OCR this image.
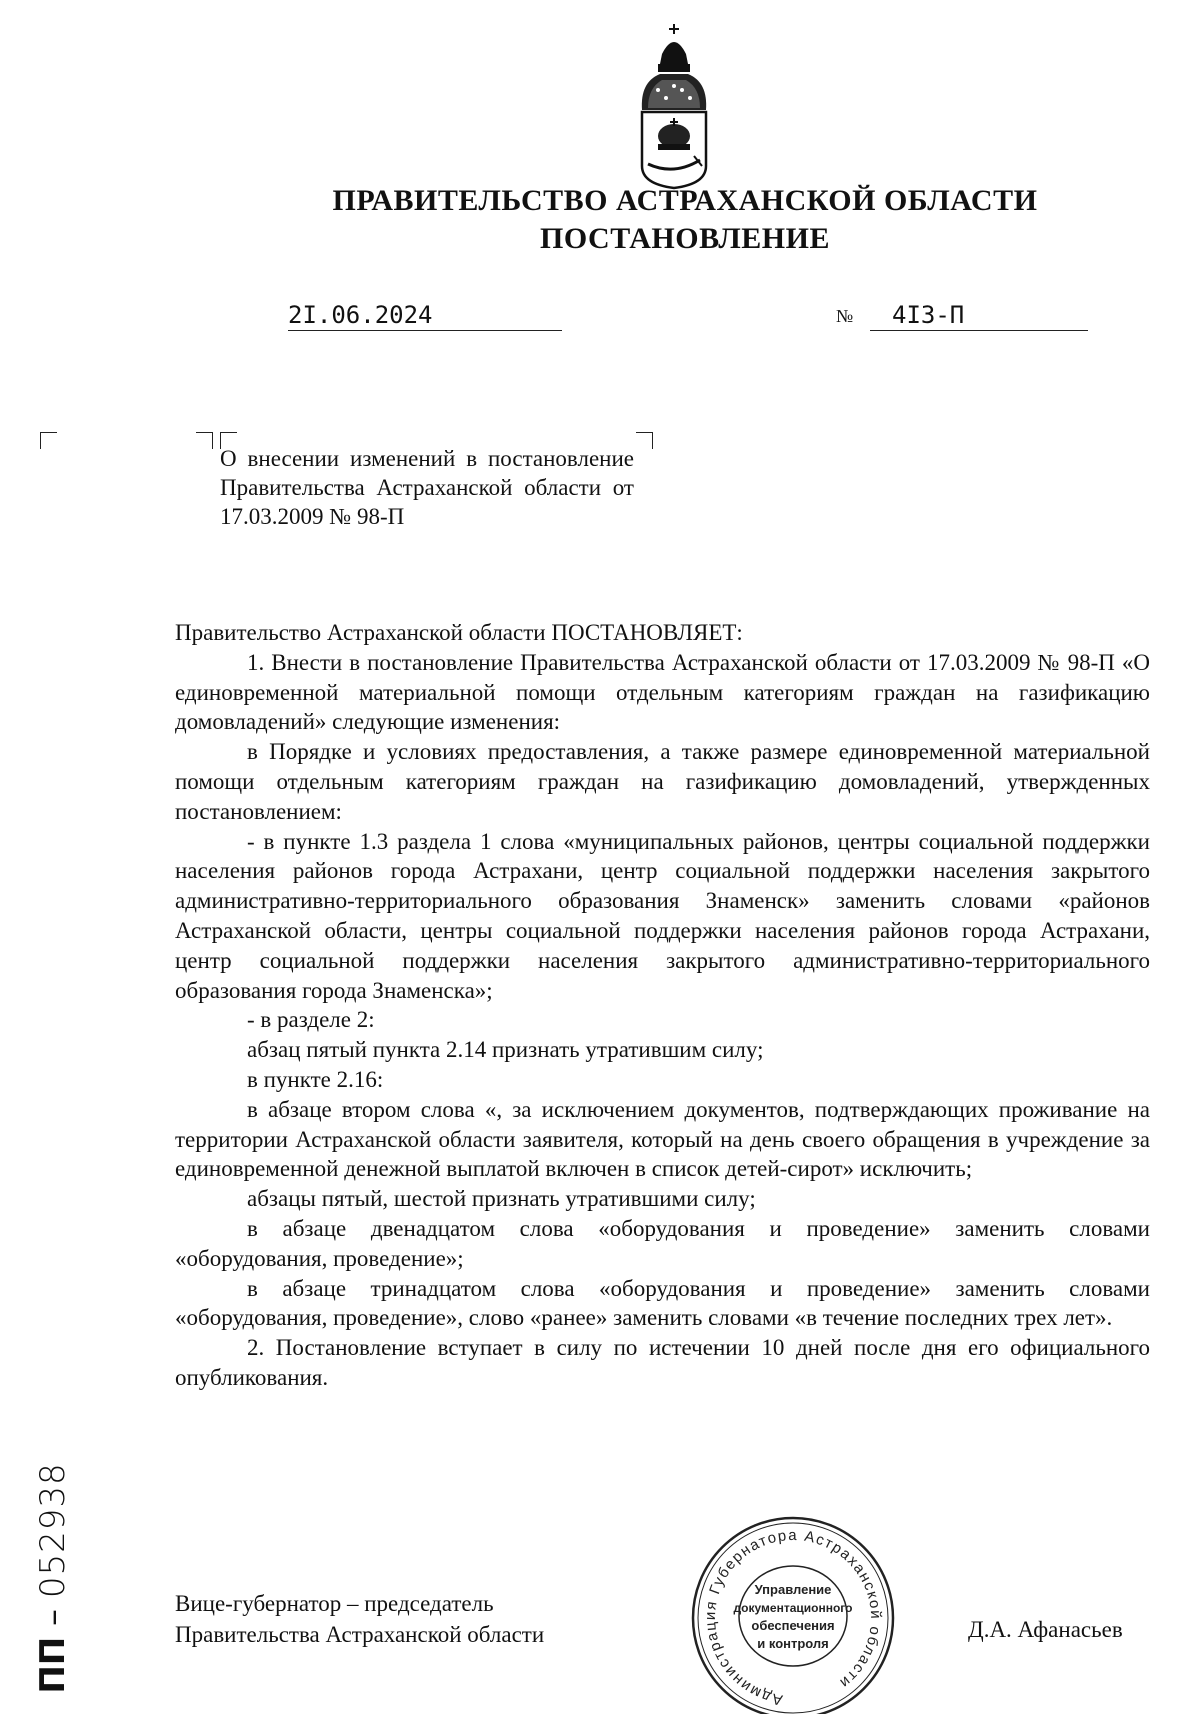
ПРАВИТЕЛЬСТВО АСТРАХАНСКОЙ ОБЛАСТИ
ПОСТАНОВЛЕНИЕ
2I.06.2024	№	4I3-П
О внесении изменений в постановление Правительства Астраханской области от 17.03.2009 № 98-П

Правительство Астраханской области ПОСТАНОВЛЯЕТ:

1. Внести в постановление Правительства Астраханской области от 17.03.2009 № 98-П «О единовременной материальной помощи отдельным категориям граждан на газификацию домовладений» следующие изменения:

в Порядке и условиях предоставления, а также размере единовременной материальной помощи отдельным категориям граждан на газификацию домовладений, утвержденных постановлением:

- в пункте 1.3 раздела 1 слова «муниципальных районов, центры социальной поддержки населения районов города Астрахани, центр социальной поддержки населения закрытого административно-территориального образования Знаменск» заменить словами «районов Астраханской области, центры социальной поддержки населения районов города Астрахани, центр социальной поддержки населения закрытого административно-территориального образования города Знаменска»;

- в разделе 2:

абзац пятый пункта 2.14 признать утратившим силу;

в пункте 2.16:

в абзаце втором слова «, за исключением документов, подтверждающих проживание на территории Астраханской области заявителя, который на день своего обращения в учреждение за единовременной денежной выплатой включен в список детей-сирот» исключить;

абзацы пятый, шестой признать утратившими силу;

в абзаце двенадцатом слова «оборудования и проведение» заменить словами «оборудования, проведение»;

в абзаце тринадцатом слова «оборудования и проведение» заменить словами «оборудования, проведение», слово «ранее» заменить словами «в течение последних трех лет».

2. Постановление вступает в силу по истечении 10 дней после дня его официального опубликования.

Вице-губернатор – председатель
Правительства Астраханской области	Д.А. Афанасьев
Администрация Губернатора Астраханской области
Управление
документационного
обеспечения
и контроля
ПП – 052938
